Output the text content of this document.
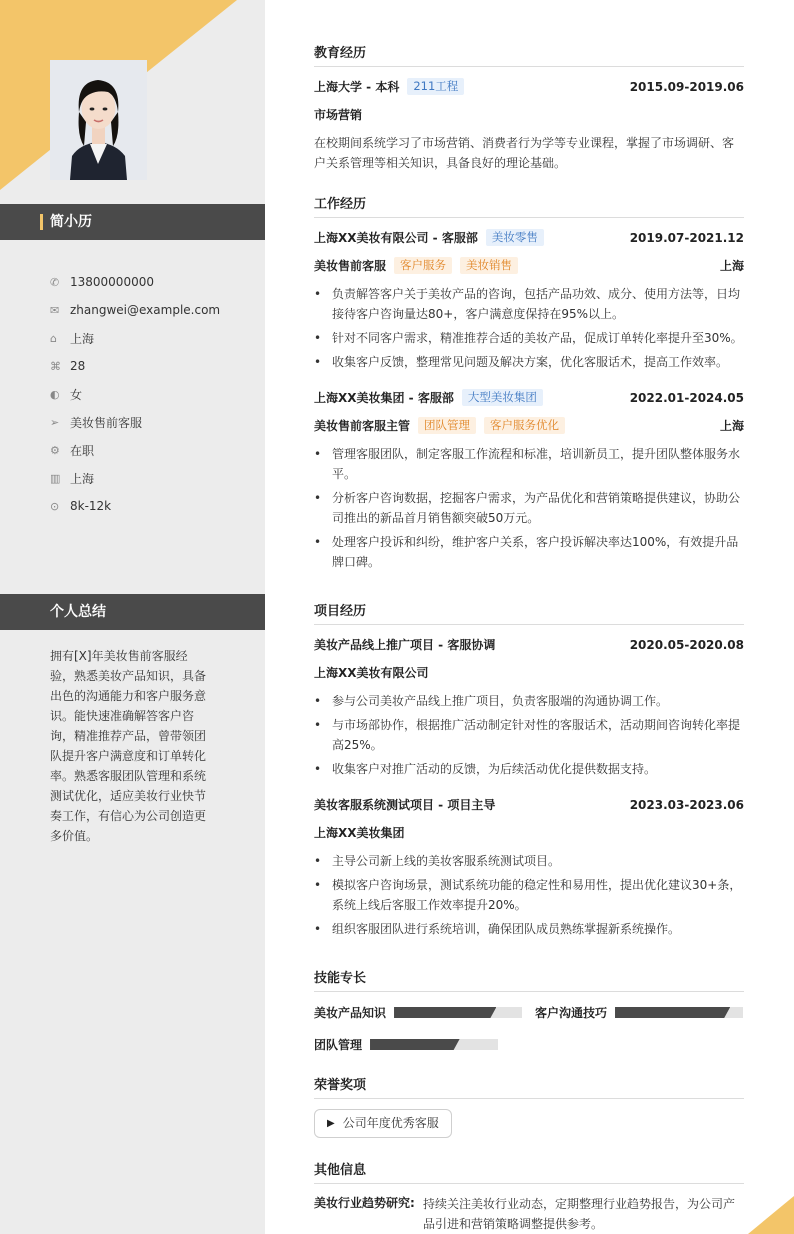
简小历
✆ 13800000000
✉ zhangwei@example.com
⌂	上海
⌘ 28
◐ 女
➢ 美妆售前客服
⚙ 在职
▥ 上海
⊙ 8k-12k
个人总结
拥有[X]年美妆售前客服经验，熟悉美妆产品知识，具备出色的沟通能力和客户服务意识。能快速准确解答客户咨询，精准推荐产品，曾带领团队提升客户满意度和订单转化率。熟悉客服团队管理和系统测试优化，适应美妆行业快节奏工作，有信心为公司创造更多价值。
教育经历
上海大学 - 本科	211工程	2015.09-2019.06
市场营销
在校期间系统学习了市场营销、消费者行为学等专业课程，掌握了市场调研、客户关系管理等相关知识，具备良好的理论基础。
工作经历
上海XX美妆有限公司 - 客服部	美妆零售	2019.07-2021.12
美妆售前客服	客户服务	美妆销售	上海
• 负责解答客户关于美妆产品的咨询，包括产品功效、成分、使用方法等，日均接待客户咨询量达80+，客户满意度保持在95%以上。
• 针对不同客户需求，精准推荐合适的美妆产品，促成订单转化率提升至30%。
• 收集客户反馈，整理常见问题及解决方案，优化客服话术，提高工作效率。
上海XX美妆集团 - 客服部	大型美妆集团	2022.01-2024.05
美妆售前客服主管	团队管理	客户服务优化	上海
• 管理客服团队，制定客服工作流程和标准，培训新员工，提升团队整体服务水平。
• 分析客户咨询数据，挖掘客户需求，为产品优化和营销策略提供建议，协助公司推出的新品首月销售额突破50万元。
• 处理客户投诉和纠纷，维护客户关系，客户投诉解决率达100%，有效提升品牌口碑。
项目经历
美妆产品线上推广项目 - 客服协调	2020.05-2020.08
上海XX美妆有限公司
• 参与公司美妆产品线上推广项目，负责客服端的沟通协调工作。
• 与市场部协作，根据推广活动制定针对性的客服话术，活动期间咨询转化率提高25%。
• 收集客户对推广活动的反馈，为后续活动优化提供数据支持。
美妆客服系统测试项目 - 项目主导	2023.03-2023.06
上海XX美妆集团
• 主导公司新上线的美妆客服系统测试项目。
• 模拟客户咨询场景，测试系统功能的稳定性和易用性，提出优化建议30+条，系统上线后客服工作效率提升20%。
• 组织客服团队进行系统培训，确保团队成员熟练掌握新系统操作。
技能专长
美妆产品知识	客户沟通技巧
团队管理
荣誉奖项
▶ 公司年度优秀客服
其他信息
美妆行业趋势研究: 持续关注美妆行业动态，定期整理行业趋势报告，为公司产品引进和营销策略调整提供参考。
